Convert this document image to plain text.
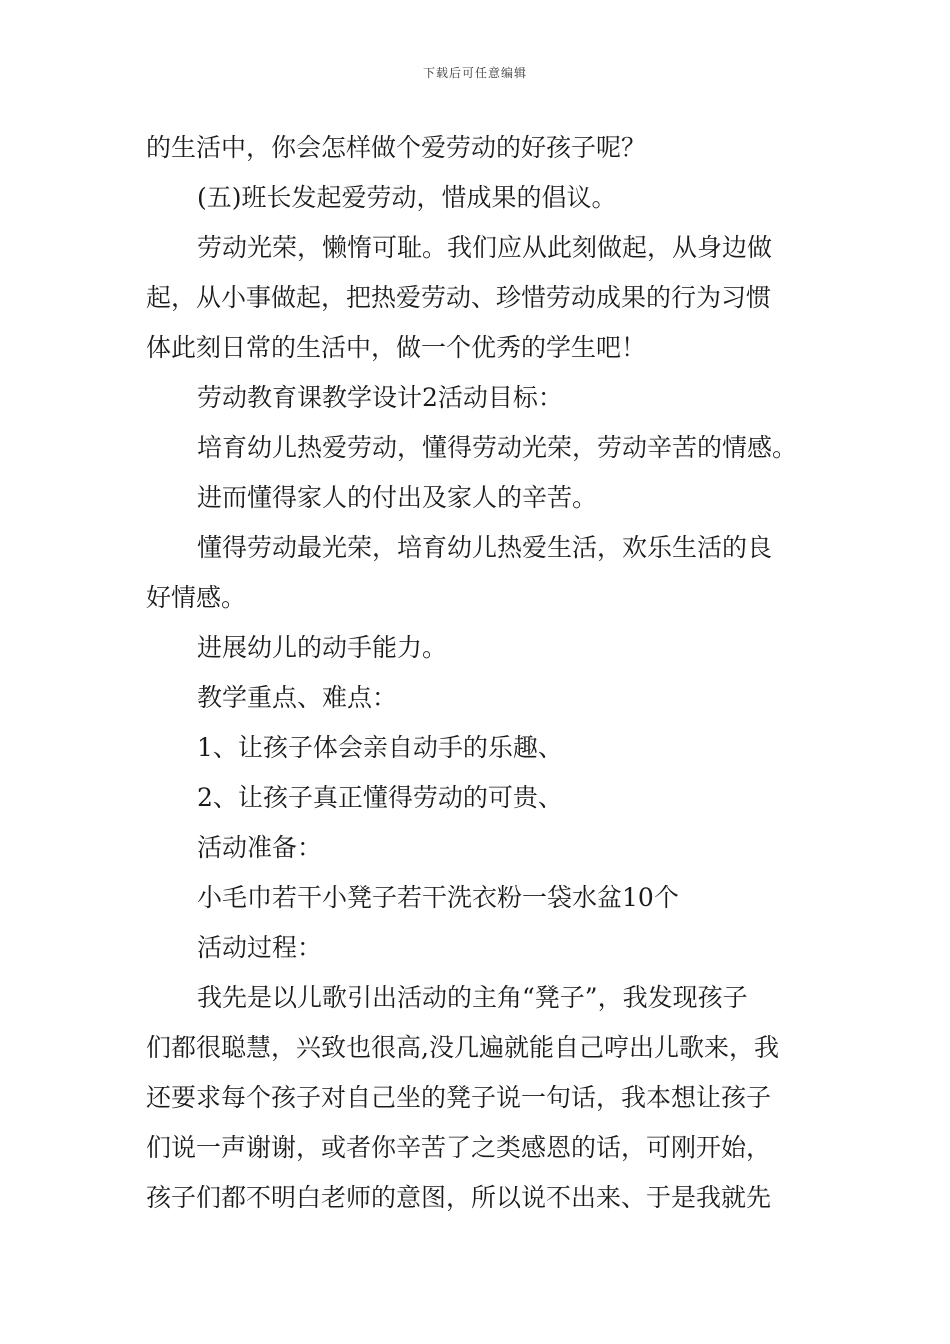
下载后可任意编辑
的生活中，你会怎样做个爱劳动的好孩子呢？
(五)班长发起爱劳动，惜成果的倡议。
劳动光荣，懒惰可耻。我们应从此刻做起，从身边做
起，从小事做起，把热爱劳动、珍惜劳动成果的行为习惯
体此刻日常的生活中，做一个优秀的学生吧！
劳动教育课教学设计2活动目标：
培育幼儿热爱劳动，懂得劳动光荣，劳动辛苦的情感。
进而懂得家人的付出及家人的辛苦。
懂得劳动最光荣，培育幼儿热爱生活，欢乐生活的良
好情感。
进展幼儿的动手能力。
教学重点、难点：
1、让孩子体会亲自动手的乐趣、
2、让孩子真正懂得劳动的可贵、
活动准备：
小毛巾若干小凳子若干洗衣粉一袋水盆10个
活动过程：
我先是以儿歌引出活动的主角“凳子”，我发现孩子
们都很聪慧，兴致也很高,没几遍就能自己哼出儿歌来，我
还要求每个孩子对自己坐的凳子说一句话，我本想让孩子
们说一声谢谢，或者你辛苦了之类感恩的话，可刚开始，
孩子们都不明白老师的意图，所以说不出来、于是我就先
